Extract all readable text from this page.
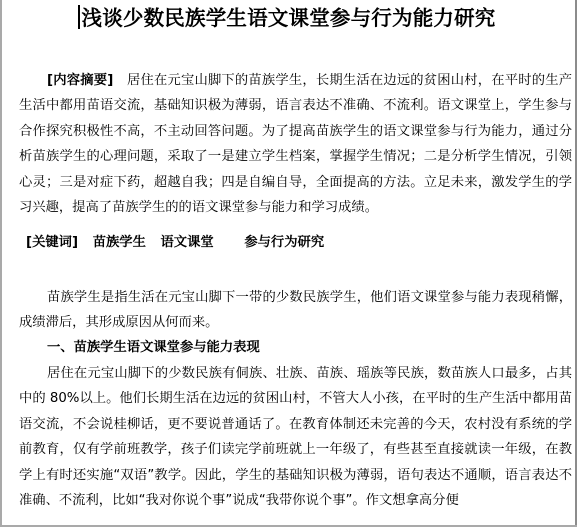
浅谈少数民族学生语文课堂参与行为能力研究

[内容摘要]　 居住在元宝山脚下的苗族学生，长期生活在边远的贫困山村，在平时的生产生活中都用苗语交流，基础知识极为薄弱，语言表达不准确、不流利。语文课堂上，学生参与合作探究积极性不高，不主动回答问题。为了提高苗族学生的语文课堂参与行为能力，通过分析苗族学生的心理问题，采取了一是建立学生档案，掌握学生情况；二是分析学生情况，引领心灵；三是对症下药，超越自我；四是自编自导，全面提高的方法。立足未来，激发学生的学习兴趣，提高了苗族学生的的语文课堂参与能力和学习成绩。

[关键词] 苗族学生 语文课堂 参与行为研究

苗族学生是指生活在元宝山脚下一带的少数民族学生，他们语文课堂参与能力表现稍懈，成绩滞后，其形成原因从何而来。

一、苗族学生语文课堂参与能力表现

居住在元宝山脚下的少数民族有侗族、壮族、苗族、瑶族等民族，数苗族人口最多，占其中的 80%以上。他们长期生活在边远的贫困山村，不管大人小孩，在平时的生产生活中都用苗语交流，不会说桂柳话，更不要说普通话了。在教育体制还未完善的今天，农村没有系统的学前教育，仅有学前班教学，孩子们读完学前班就上一年级了，有些甚至直接就读一年级，在教学上有时还实施“双语”教学。因此，学生的基础知识极为薄弱，语句表达不通顺，语言表达不准确、不流利，比如“我对你说个事”说成“我带你说个事”。作文想拿高分便
